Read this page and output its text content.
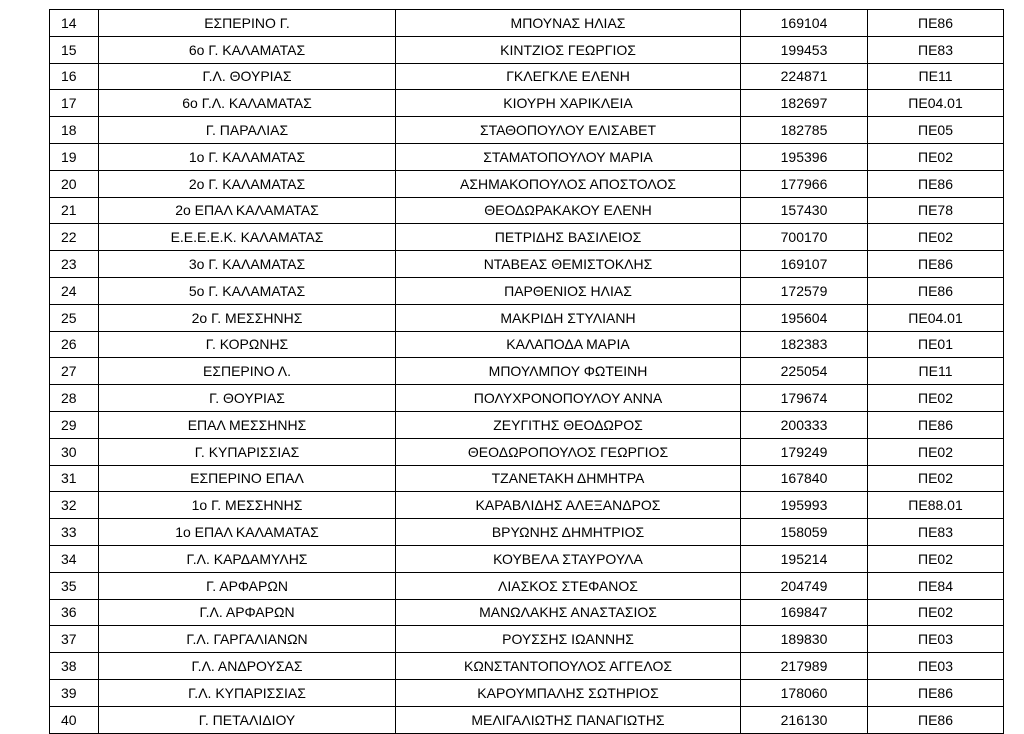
14	ΕΣΠΕΡΙΝΟ Γ.	ΜΠΟΥΝΑΣ ΗΛΙΑΣ	169104	ΠΕ86
15	6ο Γ. ΚΑΛΑΜΑΤΑΣ	ΚΙΝΤΖΙΟΣ ΓΕΩΡΓΙΟΣ	199453	ΠΕ83
16	Γ.Λ. ΘΟΥΡΙΑΣ	ΓΚΛΕΓΚΛΕ ΕΛΕΝΗ	224871	ΠΕ11
17	6ο Γ.Λ. ΚΑΛΑΜΑΤΑΣ	ΚΙΟΥΡΗ ΧΑΡΙΚΛΕΙΑ	182697	ΠΕ04.01
18	Γ. ΠΑΡΑΛΙΑΣ	ΣΤΑΘΟΠΟΥΛΟΥ ΕΛΙΣΑΒΕΤ	182785	ΠΕ05
19	1ο Γ. ΚΑΛΑΜΑΤΑΣ	ΣΤΑΜΑΤΟΠΟΥΛΟΥ ΜΑΡΙΑ	195396	ΠΕ02
20	2ο Γ. ΚΑΛΑΜΑΤΑΣ	ΑΣΗΜΑΚΟΠΟΥΛΟΣ ΑΠΟΣΤΟΛΟΣ	177966	ΠΕ86
21	2ο ΕΠΑΛ ΚΑΛΑΜΑΤΑΣ	ΘΕΟΔΩΡΑΚΑΚΟΥ ΕΛΕΝΗ	157430	ΠΕ78
22	Ε.Ε.Ε.Ε.Κ. ΚΑΛΑΜΑΤΑΣ	ΠΕΤΡΙΔΗΣ ΒΑΣΙΛΕΙΟΣ	700170	ΠΕ02
23	3ο Γ. ΚΑΛΑΜΑΤΑΣ	ΝΤΑΒΕΑΣ ΘΕΜΙΣΤΟΚΛΗΣ	169107	ΠΕ86
24	5ο Γ. ΚΑΛΑΜΑΤΑΣ	ΠΑΡΘΕΝΙΟΣ ΗΛΙΑΣ	172579	ΠΕ86
25	2ο Γ. ΜΕΣΣΗΝΗΣ	ΜΑΚΡΙΔΗ ΣΤΥΛΙΑΝΗ	195604	ΠΕ04.01
26	Γ. ΚΟΡΩΝΗΣ	ΚΑΛΑΠΟΔΑ ΜΑΡΙΑ	182383	ΠΕ01
27	ΕΣΠΕΡΙΝΟ Λ.	ΜΠΟΥΛΜΠΟΥ ΦΩΤΕΙΝΗ	225054	ΠΕ11
28	Γ. ΘΟΥΡΙΑΣ	ΠΟΛΥΧΡΟΝΟΠΟΥΛΟΥ ΑΝΝΑ	179674	ΠΕ02
29	ΕΠΑΛ ΜΕΣΣΗΝΗΣ	ΖΕΥΓΙΤΗΣ ΘΕΟΔΩΡΟΣ	200333	ΠΕ86
30	Γ. ΚΥΠΑΡΙΣΣΙΑΣ	ΘΕΟΔΩΡΟΠΟΥΛΟΣ ΓΕΩΡΓΙΟΣ	179249	ΠΕ02
31	ΕΣΠΕΡΙΝΟ ΕΠΑΛ	ΤΖΑΝΕΤΑΚΗ ΔΗΜΗΤΡΑ	167840	ΠΕ02
32	1ο Γ. ΜΕΣΣΗΝΗΣ	ΚΑΡΑΒΛΙΔΗΣ ΑΛΕΞΑΝΔΡΟΣ	195993	ΠΕ88.01
33	1ο ΕΠΑΛ ΚΑΛΑΜΑΤΑΣ	ΒΡΥΩΝΗΣ ΔΗΜΗΤΡΙΟΣ	158059	ΠΕ83
34	Γ.Λ. ΚΑΡΔΑΜΥΛΗΣ	ΚΟΥΒΕΛΑ ΣΤΑΥΡΟΥΛΑ	195214	ΠΕ02
35	Γ. ΑΡΦΑΡΩΝ	ΛΙΑΣΚΟΣ ΣΤΕΦΑΝΟΣ	204749	ΠΕ84
36	Γ.Λ. ΑΡΦΑΡΩΝ	ΜΑΝΩΛΑΚΗΣ ΑΝΑΣΤΑΣΙΟΣ	169847	ΠΕ02
37	Γ.Λ. ΓΑΡΓΑΛΙΑΝΩΝ	ΡΟΥΣΣΗΣ ΙΩΑΝΝΗΣ	189830	ΠΕ03
38	Γ.Λ. ΑΝΔΡΟΥΣΑΣ	ΚΩΝΣΤΑΝΤΟΠΟΥΛΟΣ ΑΓΓΕΛΟΣ	217989	ΠΕ03
39	Γ.Λ. ΚΥΠΑΡΙΣΣΙΑΣ	ΚΑΡΟΥΜΠΑΛΗΣ ΣΩΤΗΡΙΟΣ	178060	ΠΕ86
40	Γ. ΠΕΤΑΛΙΔΙΟΥ	ΜΕΛΙΓΑΛΙΩΤΗΣ ΠΑΝΑΓΙΩΤΗΣ	216130	ΠΕ86
